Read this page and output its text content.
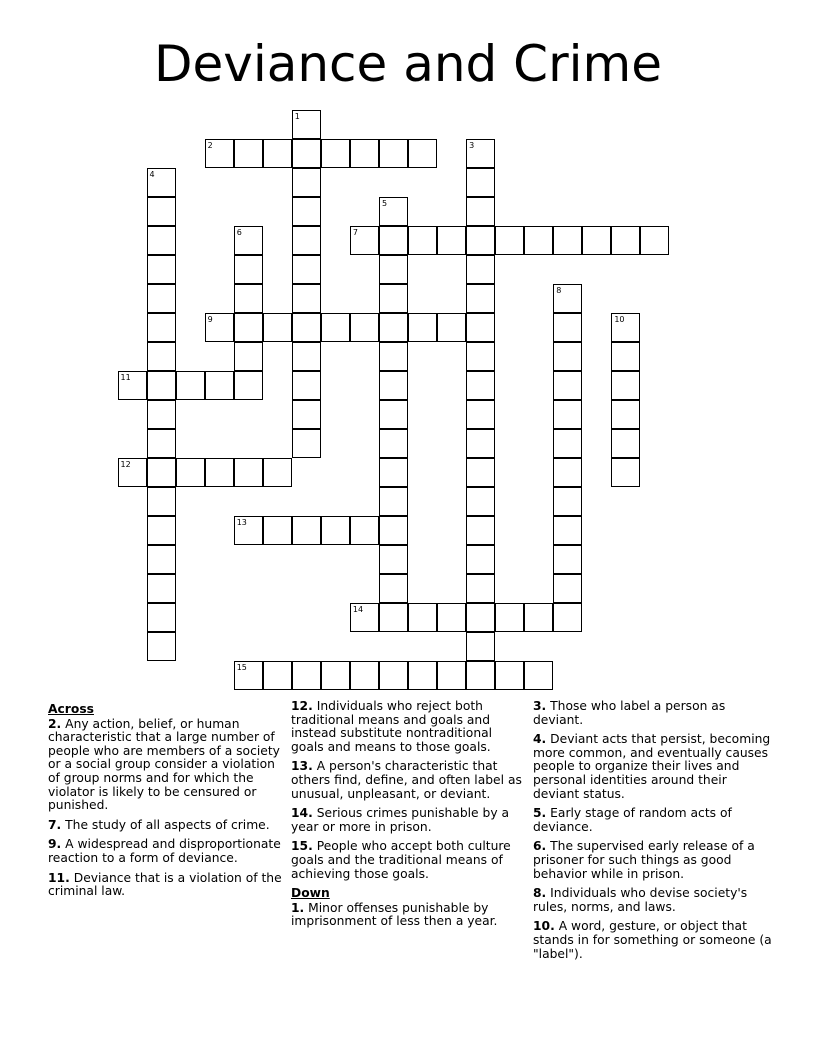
Deviance and Crime
1
2	3
4
5
6	7
8
9	10
11
12
13
14
15
Across
2. Any action, belief, or human characteristic that a large number of people who are members of a society or a social group consider a violation of group norms and for which the violator is likely to be censured or punished.
7. The study of all aspects of crime.
9. A widespread and disproportionate reaction to a form of deviance.
11. Deviance that is a violation of the criminal law.
12. Individuals who reject both traditional means and goals and instead substitute nontraditional goals and means to those goals.
13. A person's characteristic that others find, define, and often label as unusual, unpleasant, or deviant.
14. Serious crimes punishable by a year or more in prison.
15. People who accept both culture goals and the traditional means of achieving those goals.
Down
1. Minor offenses punishable by imprisonment of less then a year.
3. Those who label a person as deviant.
4. Deviant acts that persist, becoming more common, and eventually causes people to organize their lives and personal identities around their deviant status.
5. Early stage of random acts of deviance.
6. The supervised early release of a prisoner for such things as good behavior while in prison.
8. Individuals who devise society's rules, norms, and laws.
10. A word, gesture, or object that stands in for something or someone (a "label").
